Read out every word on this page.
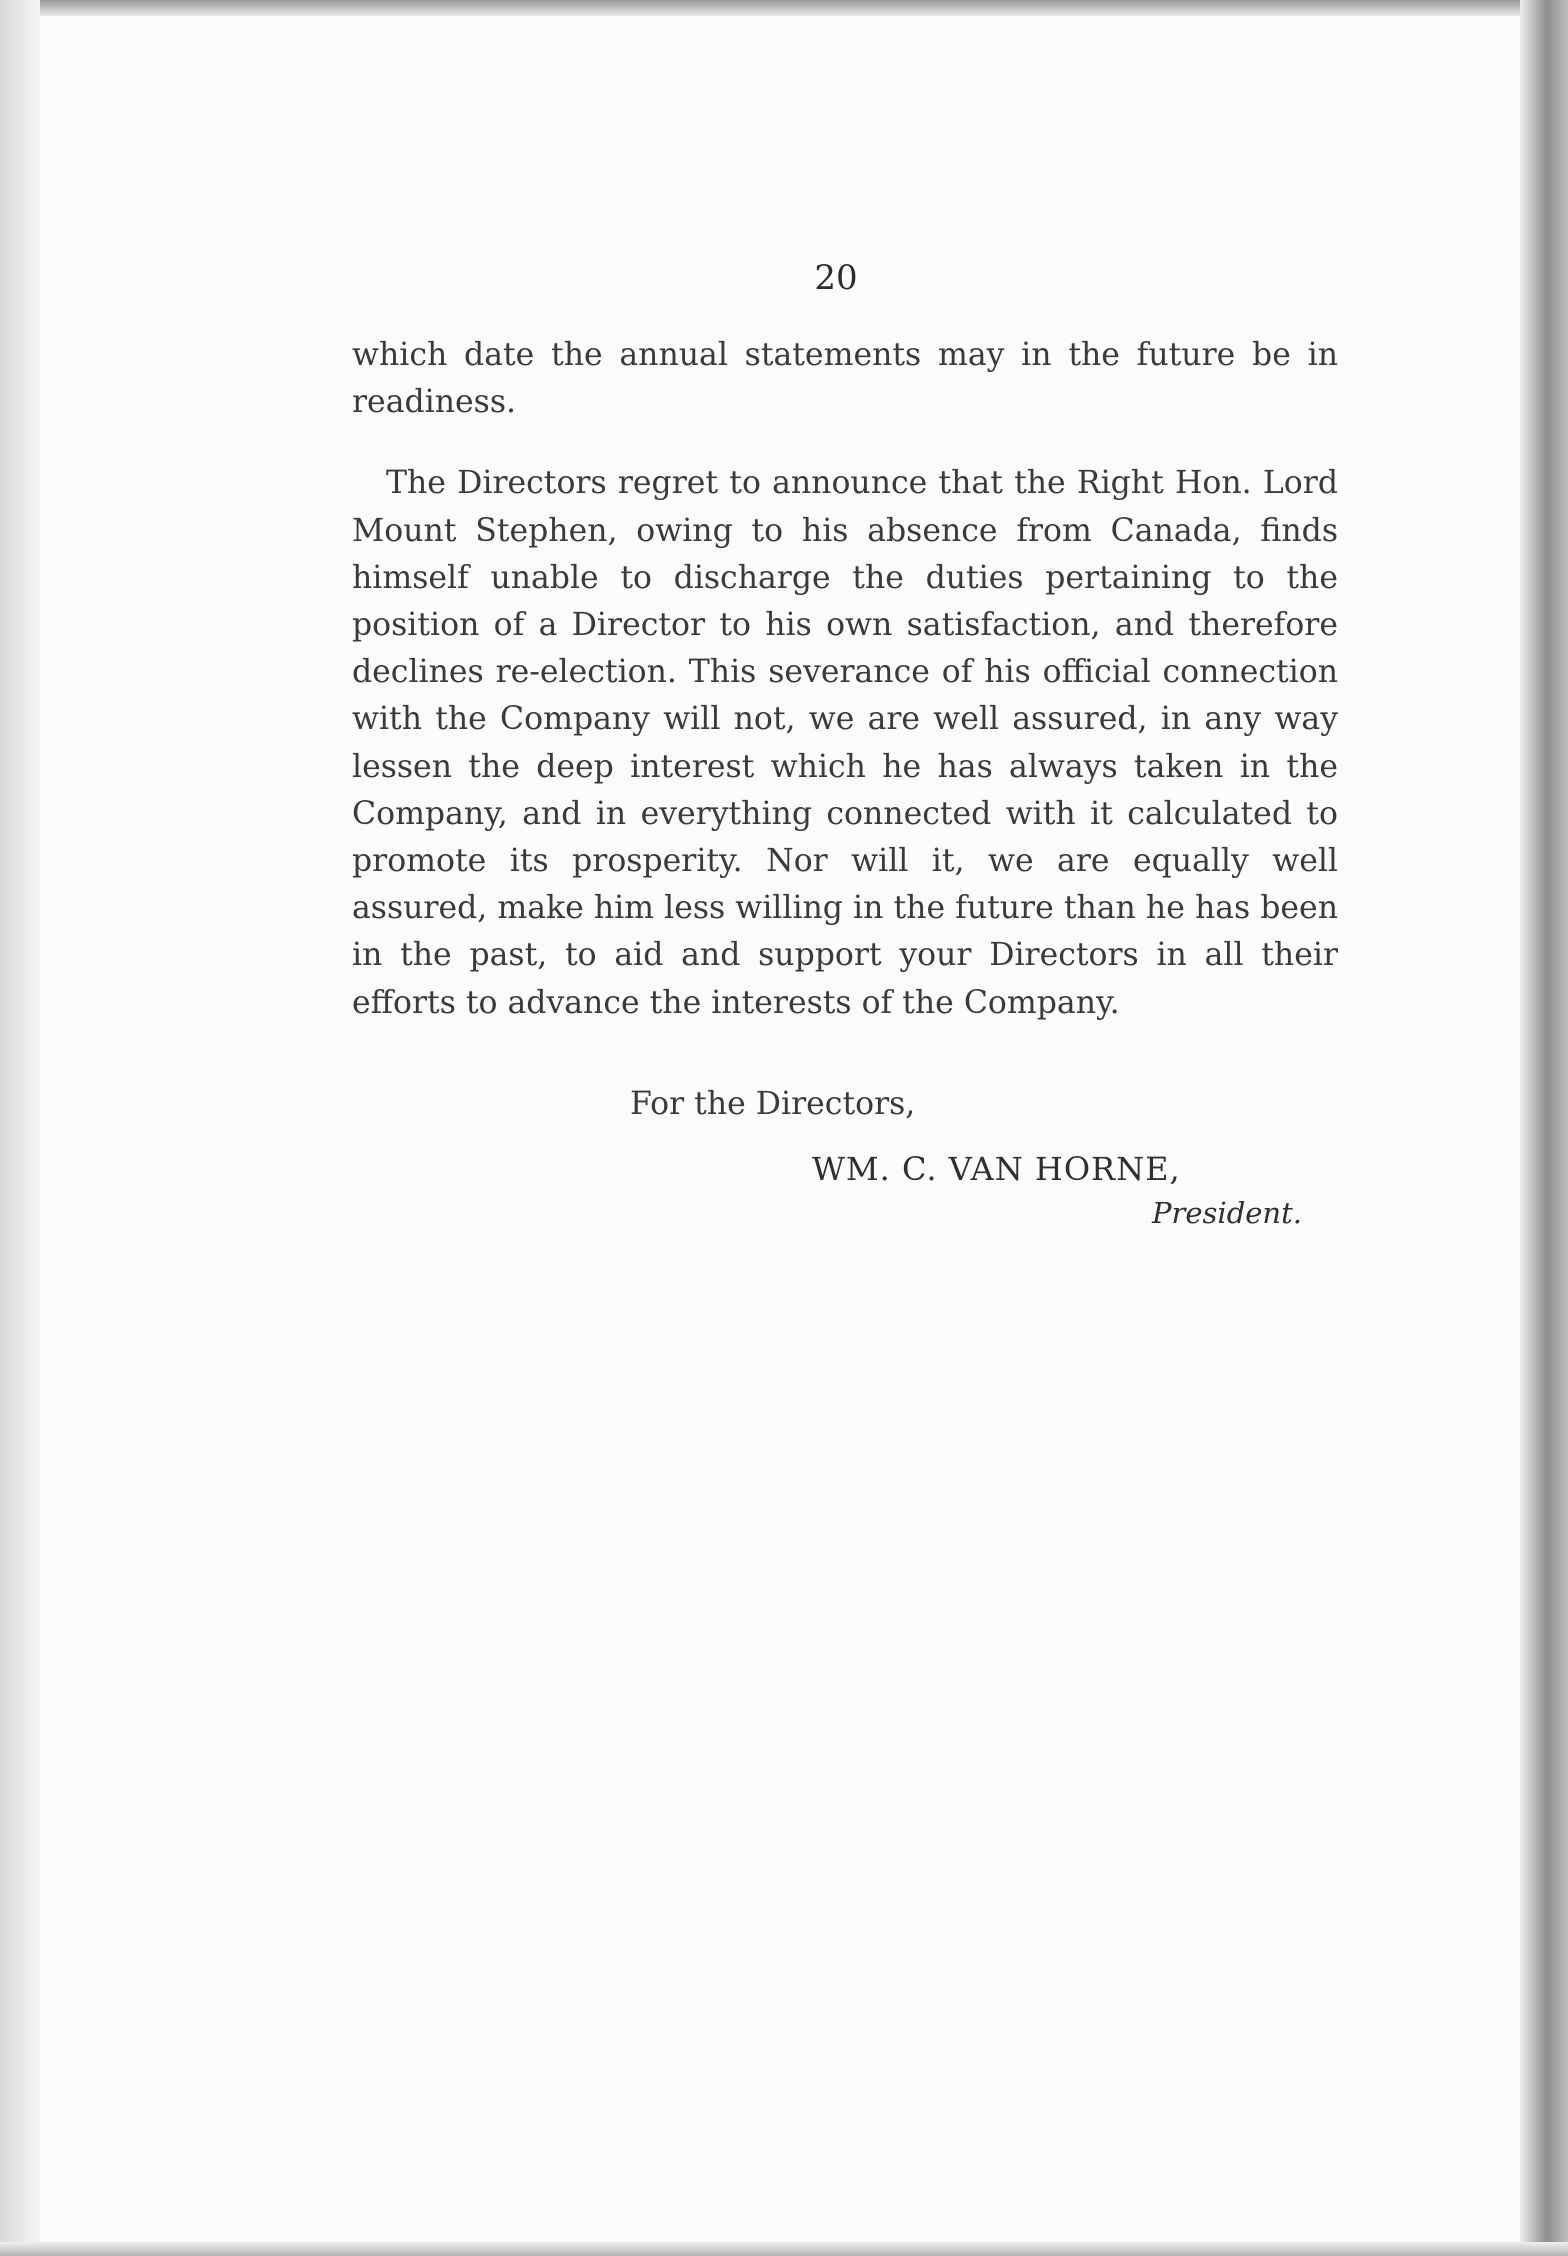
20

which date the annual statements may in the future be in readiness.

The Directors regret to announce that the Right Hon. Lord Mount Stephen, owing to his absence from Canada, finds himself unable to discharge the duties pertaining to the position of a Director to his own satisfaction, and therefore declines re-election. This severance of his official connection with the Company will not, we are well assured, in any way lessen the deep interest which he has always taken in the Company, and in everything connected with it calculated to promote its prosperity. Nor will it, we are equally well assured, make him less willing in the future than he has been in the past, to aid and support your Directors in all their efforts to advance the interests of the Company.

For the Directors,
WM. C. VAN HORNE,
President.
